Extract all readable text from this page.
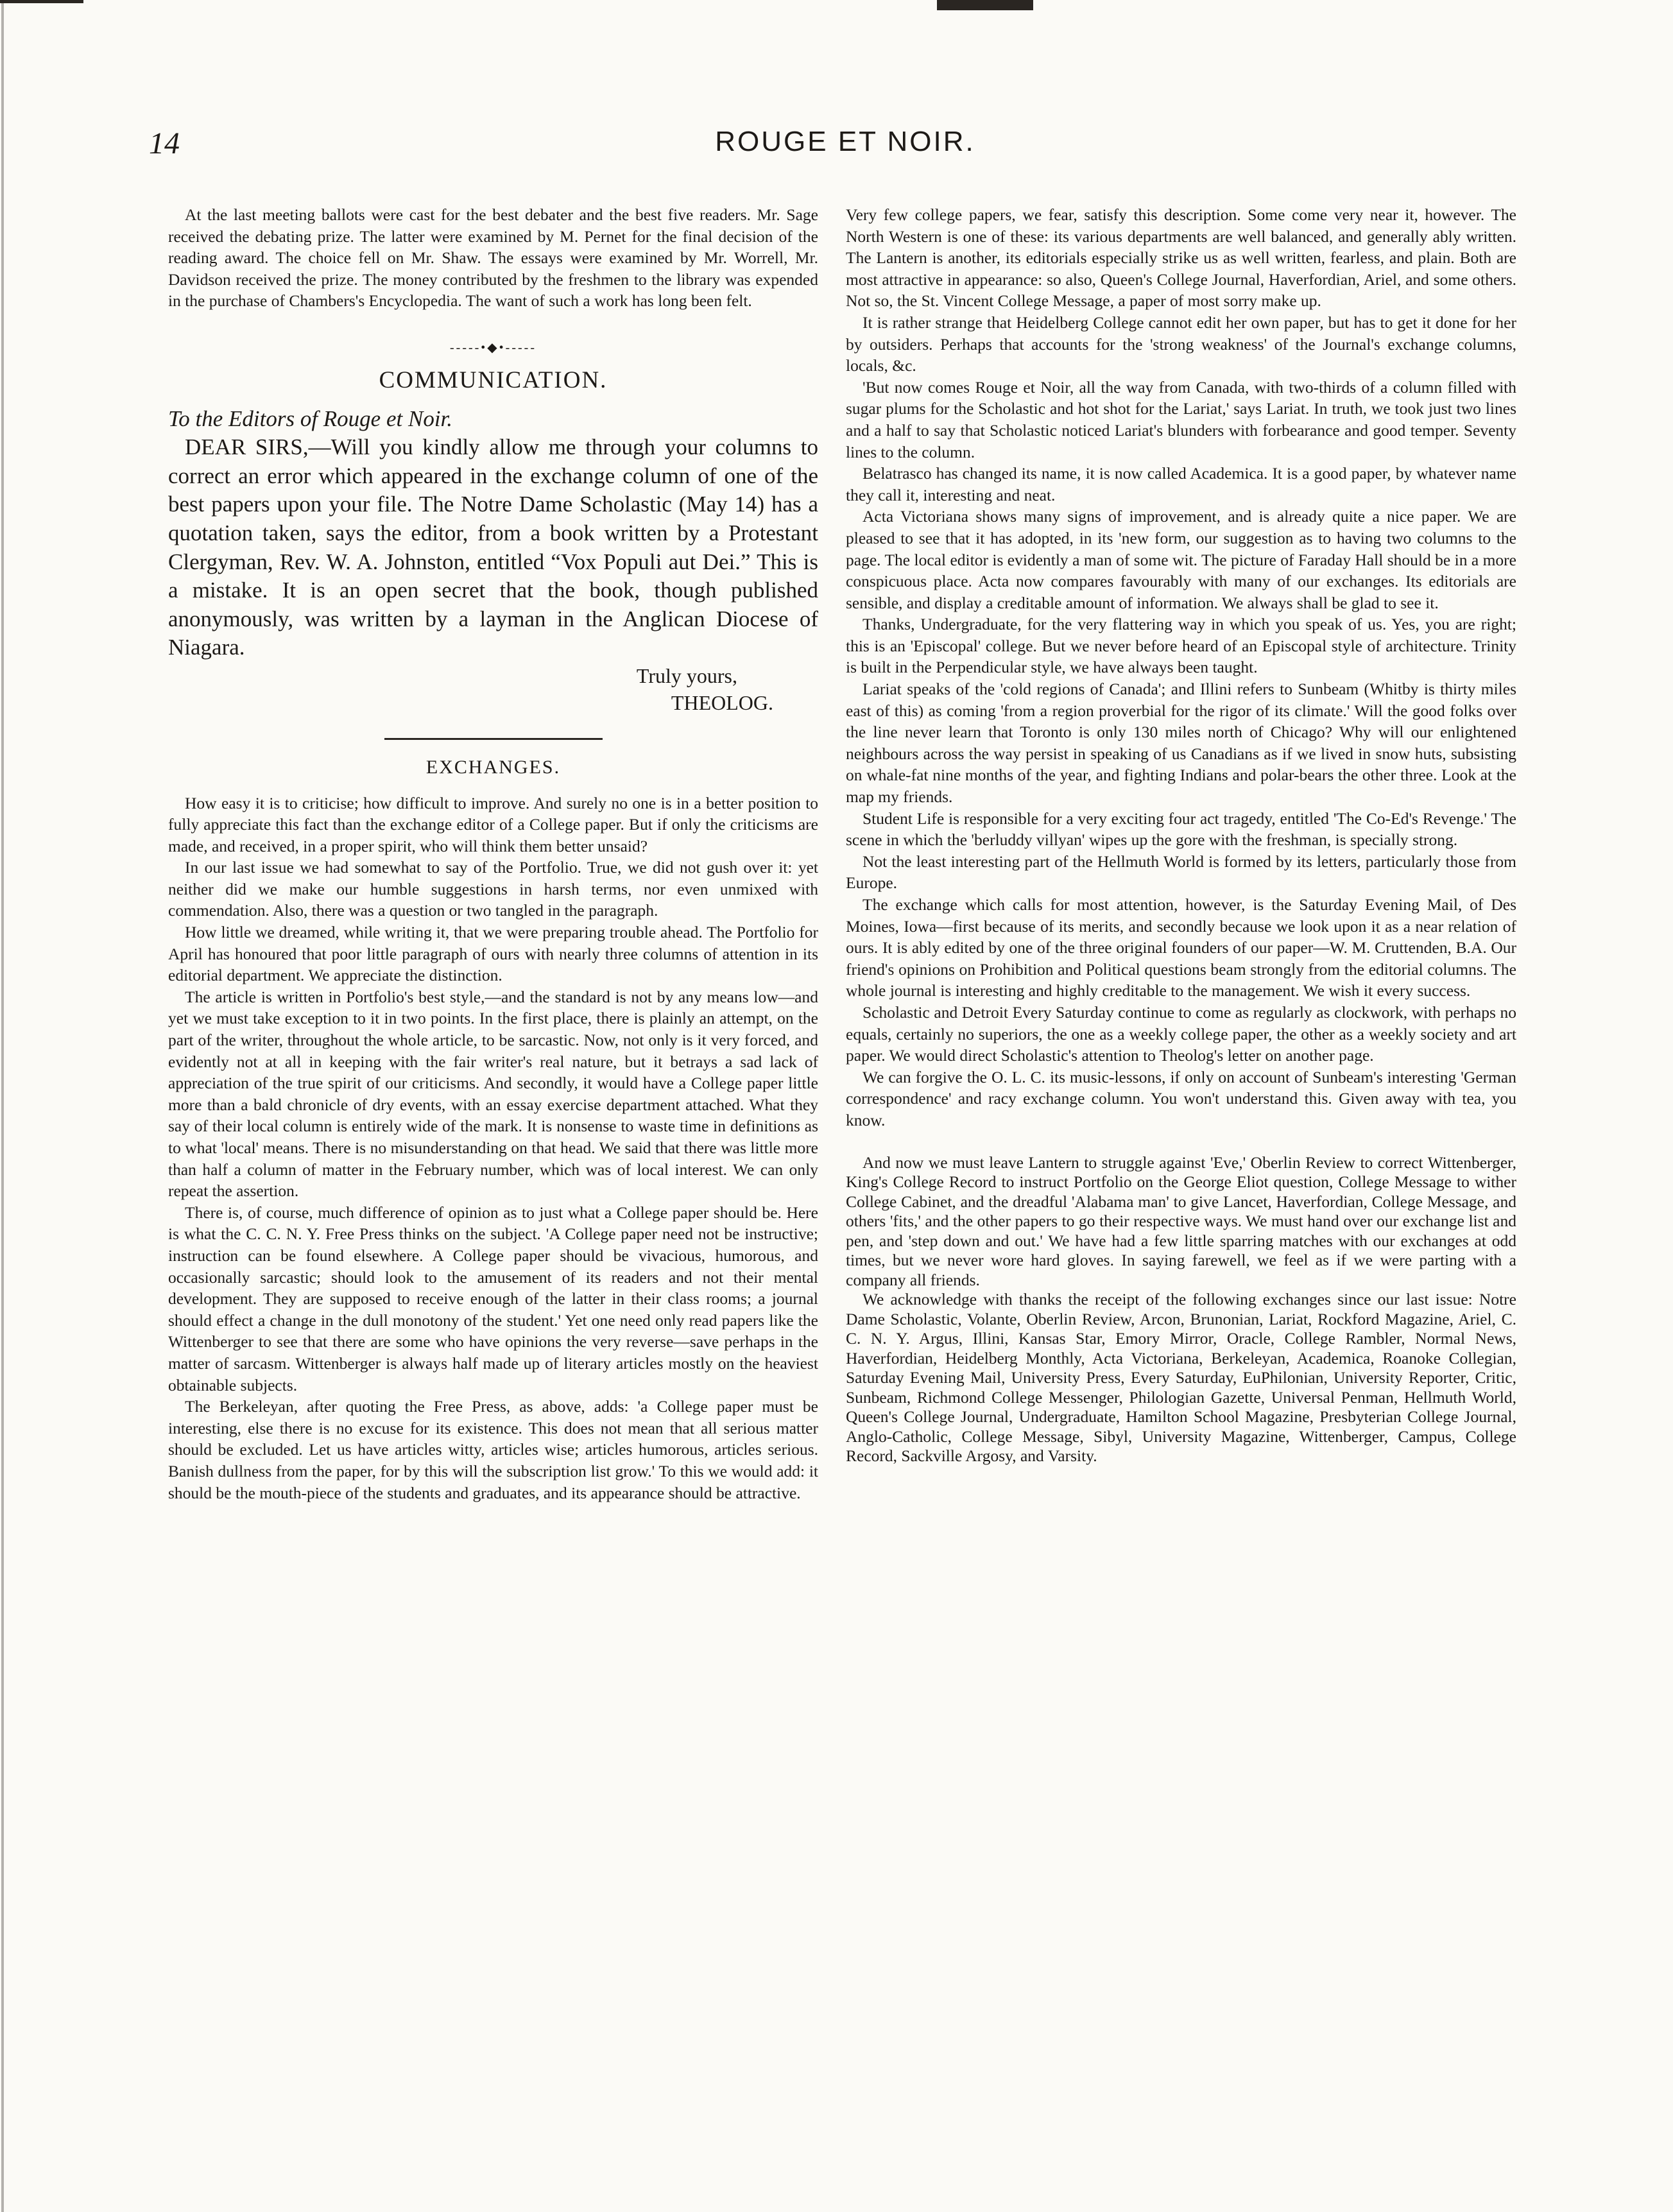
14	ROUGE ET NOIR.

At the last meeting ballots were cast for the best debater and the best five readers. Mr. Sage received the debating prize. The latter were examined by M. Pernet for the final decision of the reading award. The choice fell on Mr. Shaw. The essays were examined by Mr. Worrell, Mr. Davidson received the prize. The money contributed by the freshmen to the library was expended in the purchase of Chambers's Encyclopedia. The want of such a work has long been felt.

-----•◆•-----
COMMUNICATION.

To the Editors of Rouge et Noir.

DEAR SIRS,—Will you kindly allow me through your columns to correct an error which appeared in the exchange column of one of the best papers upon your file. The Notre Dame Scholastic (May 14) has a quotation taken, says the editor, from a book written by a Protestant Clergyman, Rev. W. A. Johnston, entitled “Vox Populi aut Dei.” This is a mistake. It is an open secret that the book, though published anonymously, was written by a layman in the Anglican Diocese of Niagara.

Truly yours,

THEOLOG.

EXCHANGES.

How easy it is to criticise; how difficult to improve. And surely no one is in a better position to fully appreciate this fact than the exchange editor of a College paper. But if only the criticisms are made, and received, in a proper spirit, who will think them better unsaid?

In our last issue we had somewhat to say of the Portfolio. True, we did not gush over it: yet neither did we make our humble suggestions in harsh terms, nor even unmixed with commendation. Also, there was a question or two tangled in the paragraph.

How little we dreamed, while writing it, that we were preparing trouble ahead. The Portfolio for April has honoured that poor little paragraph of ours with nearly three columns of attention in its editorial department. We appreciate the distinction.

The article is written in Portfolio's best style,—and the standard is not by any means low—and yet we must take exception to it in two points. In the first place, there is plainly an attempt, on the part of the writer, throughout the whole article, to be sarcastic. Now, not only is it very forced, and evidently not at all in keeping with the fair writer's real nature, but it betrays a sad lack of appreciation of the true spirit of our criticisms. And secondly, it would have a College paper little more than a bald chronicle of dry events, with an essay exercise department attached. What they say of their local column is entirely wide of the mark. It is nonsense to waste time in definitions as to what 'local' means. There is no misunderstanding on that head. We said that there was little more than half a column of matter in the February number, which was of local interest. We can only repeat the assertion.

There is, of course, much difference of opinion as to just what a College paper should be. Here is what the C. C. N. Y. Free Press thinks on the subject. 'A College paper need not be instructive; instruction can be found elsewhere. A College paper should be vivacious, humorous, and occasionally sarcastic; should look to the amusement of its readers and not their mental development. They are supposed to receive enough of the latter in their class rooms; a journal should effect a change in the dull monotony of the student.' Yet one need only read papers like the Wittenberger to see that there are some who have opinions the very reverse—save perhaps in the matter of sarcasm. Wittenberger is always half made up of literary articles mostly on the heaviest obtainable subjects.

The Berkeleyan, after quoting the Free Press, as above, adds: 'a College paper must be interesting, else there is no excuse for its existence. This does not mean that all serious matter should be excluded. Let us have articles witty, articles wise; articles humorous, articles serious. Banish dullness from the paper, for by this will the subscription list grow.' To this we would add: it should be the mouth-piece of the students and graduates, and its appearance should be attractive.

Very few college papers, we fear, satisfy this description. Some come very near it, however. The North Western is one of these: its various departments are well balanced, and generally ably written. The Lantern is another, its editorials especially strike us as well written, fearless, and plain. Both are most attractive in appearance: so also, Queen's College Journal, Haverfordian, Ariel, and some others. Not so, the St. Vincent College Message, a paper of most sorry make up.

It is rather strange that Heidelberg College cannot edit her own paper, but has to get it done for her by outsiders. Perhaps that accounts for the 'strong weakness' of the Journal's exchange columns, locals, &c.

'But now comes Rouge et Noir, all the way from Canada, with two-thirds of a column filled with sugar plums for the Scholastic and hot shot for the Lariat,' says Lariat. In truth, we took just two lines and a half to say that Scholastic noticed Lariat's blunders with forbearance and good temper. Seventy lines to the column.

Belatrasco has changed its name, it is now called Academica. It is a good paper, by whatever name they call it, interesting and neat.

Acta Victoriana shows many signs of improvement, and is already quite a nice paper. We are pleased to see that it has adopted, in its 'new form, our suggestion as to having two columns to the page. The local editor is evidently a man of some wit. The picture of Faraday Hall should be in a more conspicuous place. Acta now compares favourably with many of our exchanges. Its editorials are sensible, and display a creditable amount of information. We always shall be glad to see it.

Thanks, Undergraduate, for the very flattering way in which you speak of us. Yes, you are right; this is an 'Episcopal' college. But we never before heard of an Episcopal style of architecture. Trinity is built in the Perpendicular style, we have always been taught.

Lariat speaks of the 'cold regions of Canada'; and Illini refers to Sunbeam (Whitby is thirty miles east of this) as coming 'from a region proverbial for the rigor of its climate.' Will the good folks over the line never learn that Toronto is only 130 miles north of Chicago? Why will our enlightened neighbours across the way persist in speaking of us Canadians as if we lived in snow huts, subsisting on whale-fat nine months of the year, and fighting Indians and polar-bears the other three. Look at the map my friends.

Student Life is responsible for a very exciting four act tragedy, entitled 'The Co-Ed's Revenge.' The scene in which the 'berluddy villyan' wipes up the gore with the freshman, is specially strong.

Not the least interesting part of the Hellmuth World is formed by its letters, particularly those from Europe.

The exchange which calls for most attention, however, is the Saturday Evening Mail, of Des Moines, Iowa—first because of its merits, and secondly because we look upon it as a near relation of ours. It is ably edited by one of the three original founders of our paper—W. M. Cruttenden, B.A. Our friend's opinions on Prohibition and Political questions beam strongly from the editorial columns. The whole journal is interesting and highly creditable to the management. We wish it every success.

Scholastic and Detroit Every Saturday continue to come as regularly as clockwork, with perhaps no equals, certainly no superiors, the one as a weekly college paper, the other as a weekly society and art paper. We would direct Scholastic's attention to Theolog's letter on another page.

We can forgive the O. L. C. its music-lessons, if only on account of Sunbeam's interesting 'German correspondence' and racy exchange column. You won't understand this. Given away with tea, you know.

And now we must leave Lantern to struggle against 'Eve,' Oberlin Review to correct Wittenberger, King's College Record to instruct Portfolio on the George Eliot question, College Message to wither College Cabinet, and the dreadful 'Alabama man' to give Lancet, Haverfordian, College Message, and others 'fits,' and the other papers to go their respective ways. We must hand over our exchange list and pen, and 'step down and out.' We have had a few little sparring matches with our exchanges at odd times, but we never wore hard gloves. In saying farewell, we feel as if we were parting with a company all friends.

We acknowledge with thanks the receipt of the following exchanges since our last issue: Notre Dame Scholastic, Volante, Oberlin Review, Arcon, Brunonian, Lariat, Rockford Magazine, Ariel, C. C. N. Y. Argus, Illini, Kansas Star, Emory Mirror, Oracle, College Rambler, Normal News, Haverfordian, Heidelberg Monthly, Acta Victoriana, Berkeleyan, Academica, Roanoke Collegian, Saturday Evening Mail, University Press, Every Saturday, EuPhilonian, University Reporter, Critic, Sunbeam, Richmond College Messenger, Philologian Gazette, Universal Penman, Hellmuth World, Queen's College Journal, Undergraduate, Hamilton School Magazine, Presbyterian College Journal, Anglo-Catholic, College Message, Sibyl, University Magazine, Wittenberger, Campus, College Record, Sackville Argosy, and Varsity.
